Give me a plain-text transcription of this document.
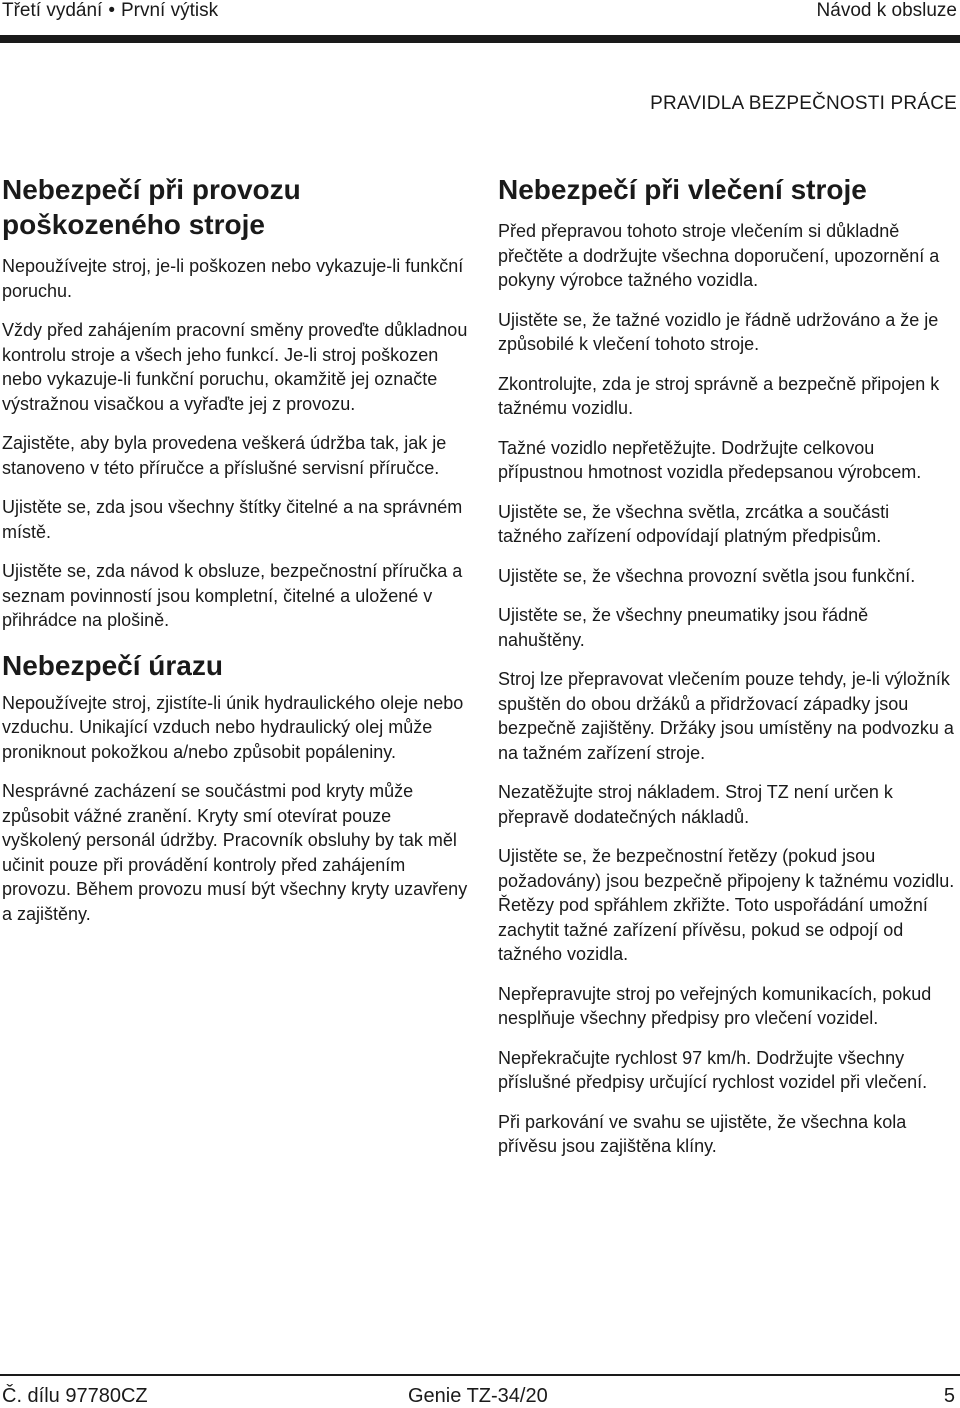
Třetí vydání • První výtisk	Návod k obsluze
PRAVIDLA BEZPEČNOSTI PRÁCE
Nebezpečí při provozu poškozeného stroje

Nepoužívejte stroj, je-li poškozen nebo vykazuje-li funkční poruchu.

Vždy před zahájením pracovní směny proveďte důkladnou kontrolu stroje a všech jeho funkcí. Je-li stroj poškozen nebo vykazuje-li funkční poruchu, okamžitě jej označte výstražnou visačkou a vyřaďte jej z provozu.

Zajistěte, aby byla provedena veškerá údržba tak, jak je stanoveno v této příručce a příslušné servisní příručce.

Ujistěte se, zda jsou všechny štítky čitelné a na správném místě.

Ujistěte se, zda návod k obsluze, bezpečnostní příručka a seznam povinností jsou kompletní, čitelné a uložené v přihrádce na plošině.

Nebezpečí úrazu

Nepoužívejte stroj, zjistíte-li únik hydraulického oleje nebo vzduchu. Unikající vzduch nebo hydraulický olej může proniknout pokožkou a/nebo způsobit popáleniny.

Nesprávné zacházení se součástmi pod kryty může způsobit vážné zranění. Kryty smí otevírat pouze vyškolený personál údržby. Pracovník obsluhy by tak měl učinit pouze při provádění kontroly před zahájením provozu. Během provozu musí být všechny kryty uzavřeny a zajištěny.

Nebezpečí při vlečení stroje

Před přepravou tohoto stroje vlečením si důkladně přečtěte a dodržujte všechna doporučení, upozornění a pokyny výrobce tažného vozidla.

Ujistěte se, že tažné vozidlo je řádně udržováno a že je způsobilé k vlečení tohoto stroje.

Zkontrolujte, zda je stroj správně a bezpečně připojen k tažnému vozidlu.

Tažné vozidlo nepřetěžujte. Dodržujte celkovou přípustnou hmotnost vozidla předepsanou výrobcem.

Ujistěte se, že všechna světla, zrcátka a součásti tažného zařízení odpovídají platným předpisům.

Ujistěte se, že všechna provozní světla jsou funkční.

Ujistěte se, že všechny pneumatiky jsou řádně nahuštěny.

Stroj lze přepravovat vlečením pouze tehdy, je-li výložník spuštěn do obou držáků a přidržovací západky jsou bezpečně zajištěny. Držáky jsou umístěny na podvozku a na tažném zařízení stroje.

Nezatěžujte stroj nákladem. Stroj TZ není určen k přepravě dodatečných nákladů.

Ujistěte se, že bezpečnostní řetězy (pokud jsou požadovány) jsou bezpečně připojeny k tažnému vozidlu. Řetězy pod spřáhlem zkřižte. Toto uspořádání umožní zachytit tažné zařízení přívěsu, pokud se odpojí od tažného vozidla.

Nepřepravujte stroj po veřejných komunikacích, pokud nesplňuje všechny předpisy pro vlečení vozidel.

Nepřekračujte rychlost 97 km/h. Dodržujte všechny příslušné předpisy určující rychlost vozidel při vlečení.

Při parkování ve svahu se ujistěte, že všechna kola přívěsu jsou zajištěna klíny.

Č. dílu 97780CZ	Genie TZ-34/20	5
